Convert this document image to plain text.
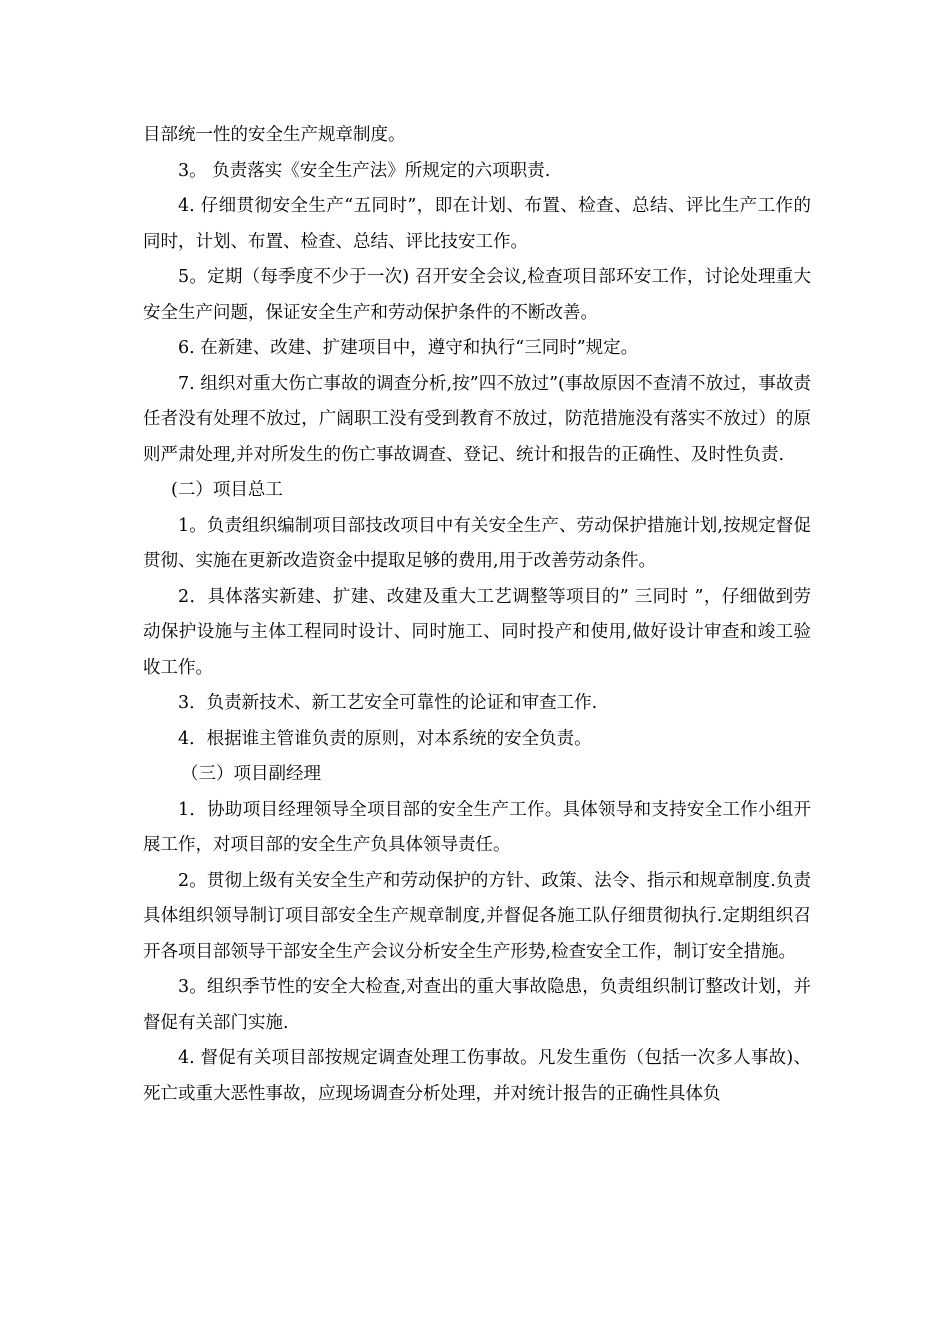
目部统一性的安全生产规章制度。

3。 负责落实《安全生产法》所规定的六项职责.

4. 仔细贯彻安全生产“五同时”，即在计划、布置、检查、总结、评比生产工作的同时，计划、布置、检查、总结、评比技安工作。

5。定期（每季度不少于一次) 召开安全会议,检查项目部环安工作，讨论处理重大安全生产问题，保证安全生产和劳动保护条件的不断改善。

6. 在新建、改建、扩建项目中，遵守和执行“三同时”规定。

7. 组织对重大伤亡事故的调查分析,按”四不放过”(事故原因不查清不放过，事故责任者没有处理不放过，广阔职工没有受到教育不放过，防范措施没有落实不放过）的原则严肃处理,并对所发生的伤亡事故调查、登记、统计和报告的正确性、及时性负责.

(二）项目总工

1。负责组织编制项目部技改项目中有关安全生产、劳动保护措施计划,按规定督促贯彻、实施在更新改造资金中提取足够的费用,用于改善劳动条件。

2．具体落实新建、扩建、改建及重大工艺调整等项目的” 三同时 ”，仔细做到劳动保护设施与主体工程同时设计、同时施工、同时投产和使用,做好设计审查和竣工验收工作。

3．负责新技术、新工艺安全可靠性的论证和审查工作.

4．根据谁主管谁负责的原则，对本系统的安全负责。

（三）项目副经理

1．协助项目经理领导全项目部的安全生产工作。具体领导和支持安全工作小组开展工作，对项目部的安全生产负具体领导责任。

2。贯彻上级有关安全生产和劳动保护的方针、政策、法令、指示和规章制度.负责具体组织领导制订项目部安全生产规章制度,并督促各施工队仔细贯彻执行.定期组织召开各项目部领导干部安全生产会议分析安全生产形势,检查安全工作，制订安全措施。

3。组织季节性的安全大检查,对查出的重大事故隐患，负责组织制订整改计划，并督促有关部门实施.

4. 督促有关项目部按规定调查处理工伤事故。凡发生重伤（包括一次多人事故)、死亡或重大恶性事故，应现场调查分析处理，并对统计报告的正确性具体负
